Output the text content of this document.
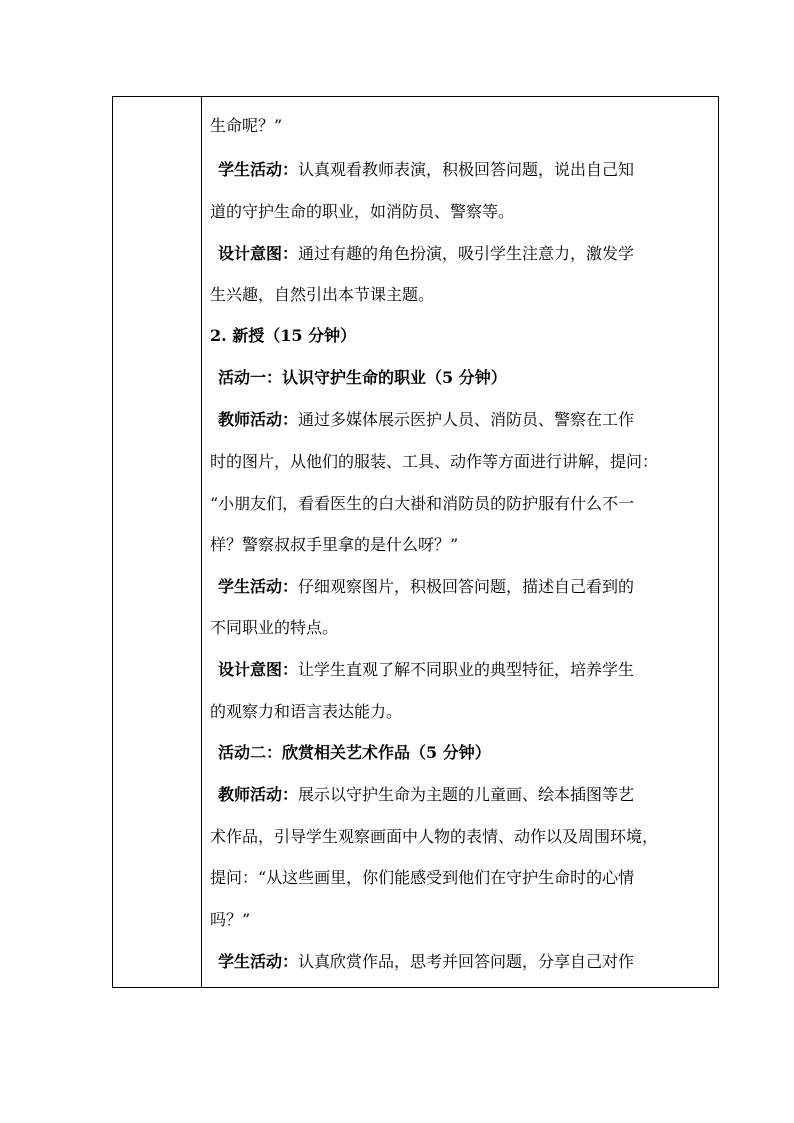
生命呢？”
学生活动：认真观看教师表演，积极回答问题，说出自己知
道的守护生命的职业，如消防员、警察等。
设计意图：通过有趣的角色扮演，吸引学生注意力，激发学
生兴趣，自然引出本节课主题。
2. 新授（15 分钟）
活动一：认识守护生命的职业（5 分钟）
教师活动：通过多媒体展示医护人员、消防员、警察在工作
时的图片，从他们的服装、工具、动作等方面进行讲解，提问：
“小朋友们，看看医生的白大褂和消防员的防护服有什么不一
样？警察叔叔手里拿的是什么呀？”
学生活动：仔细观察图片，积极回答问题，描述自己看到的
不同职业的特点。
设计意图：让学生直观了解不同职业的典型特征，培养学生
的观察力和语言表达能力。
活动二：欣赏相关艺术作品（5 分钟）
教师活动：展示以守护生命为主题的儿童画、绘本插图等艺
术作品，引导学生观察画面中人物的表情、动作以及周围环境，
提问：“从这些画里，你们能感受到他们在守护生命时的心情
吗？”
学生活动：认真欣赏作品，思考并回答问题，分享自己对作
